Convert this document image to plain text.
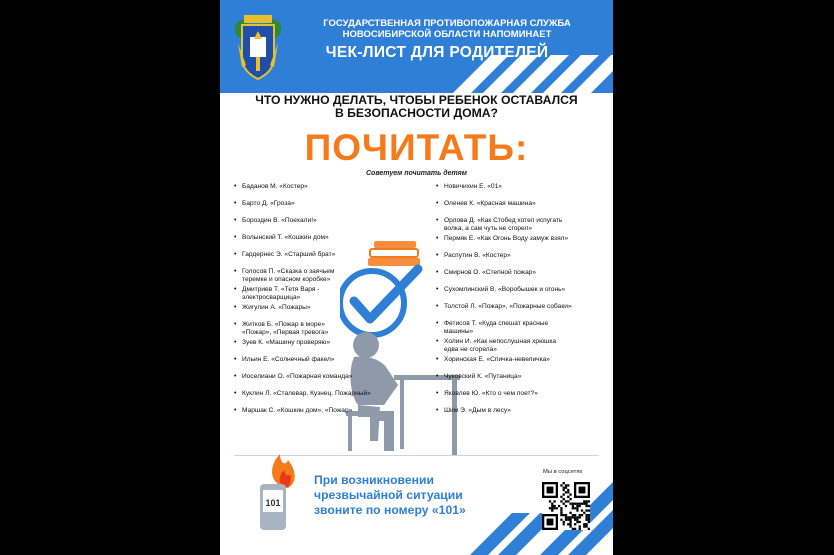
ГОСУДАРСТВЕННАЯ ПРОТИВОПОЖАРНАЯ СЛУЖБА
НОВОСИБИРСКОЙ ОБЛАСТИ НАПОМИНАЕТ
ЧЕК-ЛИСТ ДЛЯ РОДИТЕЛЕЙ
ЧТО НУЖНО ДЕЛАТЬ, ЧТОБЫ РЕБЕНОК ОСТАВАЛСЯ
В БЕЗОПАСНОСТИ ДОМА?
ПОЧИТАТЬ:
Советуем почитать детям
• Баданов М. «Костер»
• Барто Д. «Гроза»
• Бороздин В. «Поехали!»
• Волынский Т. «Кошкин дом»
• Гардернес Э. «Старший брат»
• Голосов П. «Сказка о заячьем
теремке и опасном коробке»
• Дмитриев Т. «Тетя Варя -
электросварщица»
• Жигулин А. «Пожары»
• Житков Б. «Пожар в море»
«Пожар», «Первая тревога»
• Зуев К. «Машину проверяю»
• Ильин Е. «Солнечный факел»
• Иоселиани О. «Пожарная команда»
• Куклин Л. «Сталевар. Кузнец. Пожарный»
• Маршак С. «Кошкин дом», «Пожар»
• Новичихин Е. «01»
• Оленев К. «Красная машина»
• Орлова Д. «Как Стобед хотел испугать
волка, а сам чуть не сгорел»
• Пермяк Е. «Как Огонь Воду замуж взял»
• Распутин В. «Костер»
• Смирнов О. «Степной пожар»
• Сухомлинский В. «Воробышек и огонь»
• Толстой Л. «Пожар», «Пожарные собаки»
• Фетисов Т. «Куда спешат красные
машины»
• Холин И. «Как непослушная хрюшка
едва не сгорела»
• Хоринская Е. «Спичка-невеличка»
• Чуковский К. «Путаница»
• Яковлев Ю. «Кто о чем поет?»
• Шим Э. «Дым в лесу»
101
При возникновении
чрезвычайной ситуации
звоните по номеру «101»
Мы в соцсетях
